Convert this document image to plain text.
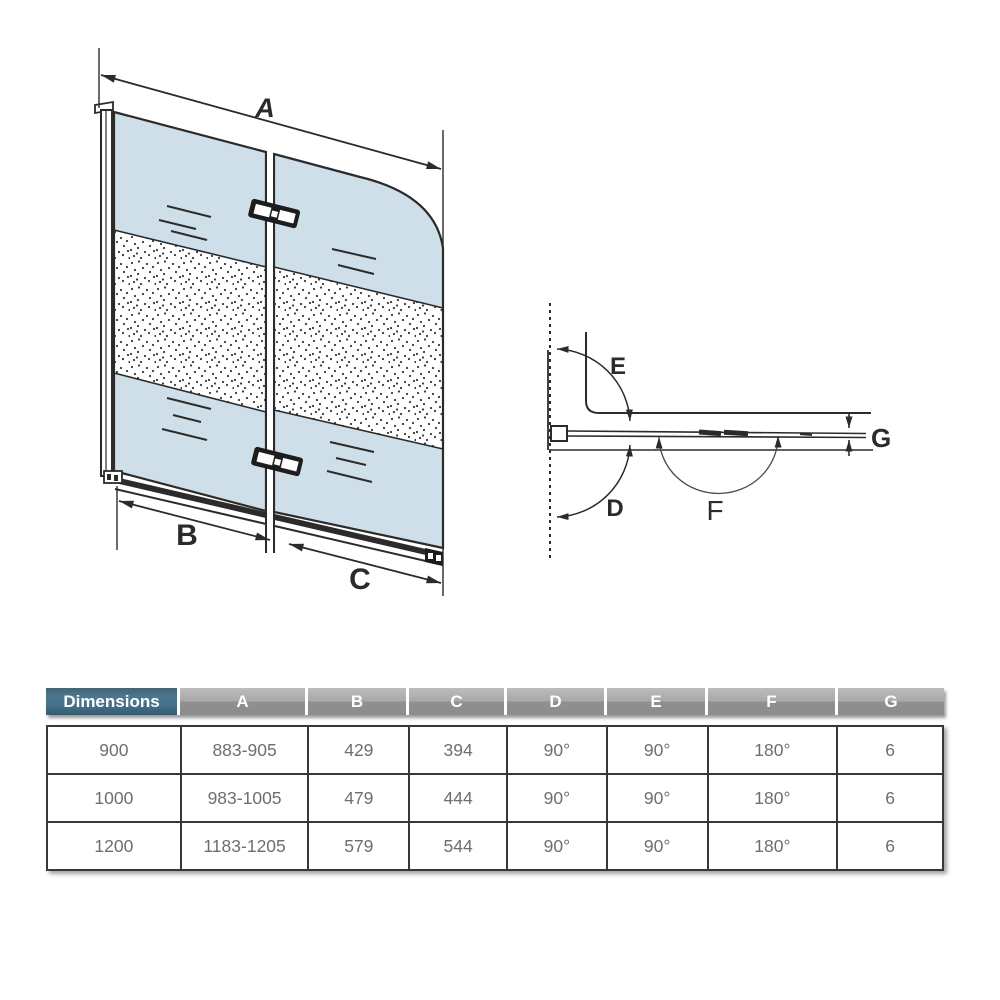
A
B
C
E
D	F
G
Dimensions	A	B	C	D	E	F	G
900	883-905	429	394	90°	90°	180°	6
1000	983-1005	479	444	90°	90°	180°	6
1200	1183-1205	579	544	90°	90°	180°	6
